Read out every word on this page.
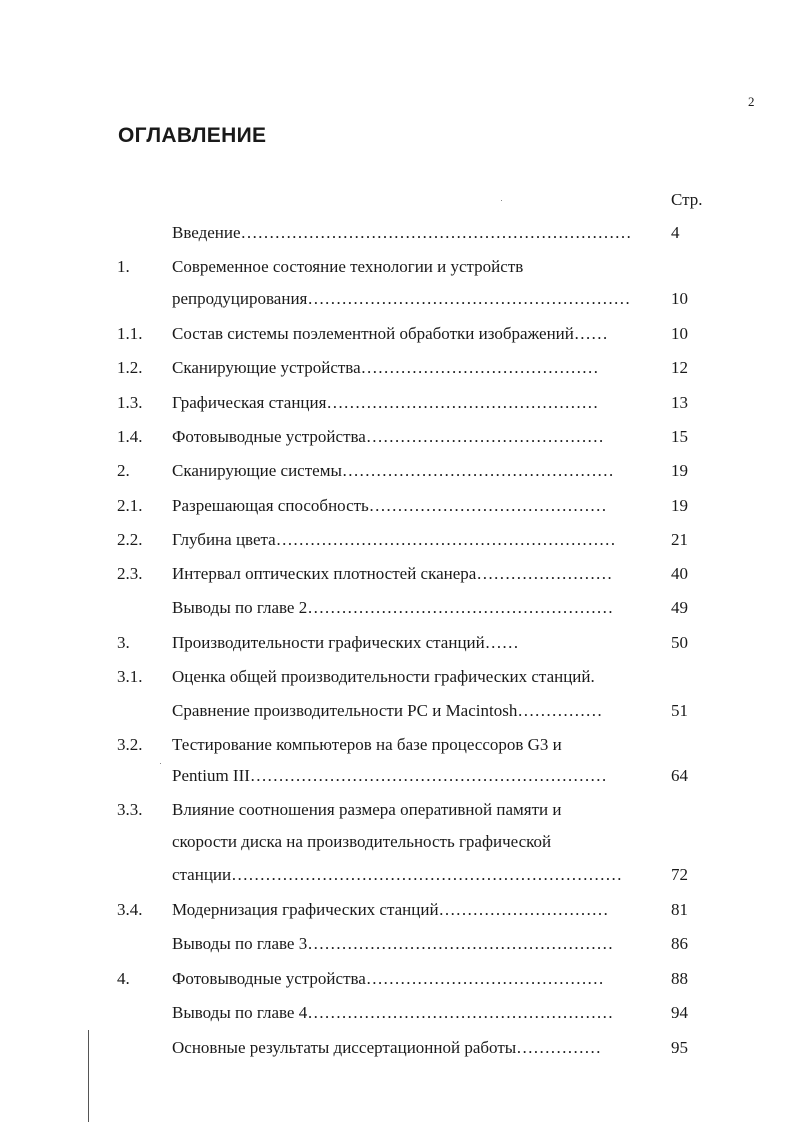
2
ОГЛАВЛЕНИЕ
Стр.
Введение…………………………………………………………… 4
1. Современное состояние технологии и устройств
репродуцирования………………………………………………… 10
1.1. Состав системы поэлементной обработки изображений……	10
1.2. Сканирующие устройства……………………………………	12
1.3. Графическая станция…………………………………………	13
1.4. Фотовыводные устройства……………………………………	15
2. Сканирующие системы…………………………………………	19
2.1. Разрешающая способность……………………………………	19
2.2. Глубина цвета……………………………………………………	21
2.3. Интервал оптических плотностей сканера……………………	40
Выводы по главе 2………………………………………………	49
3. Производительности графических станций……	50
3.1. Оценка общей производительности графических станций.
Сравнение производительности PC и Macintosh……………	51
3.2. Тестирование компьютеров на базе процессоров G3 и
Pentium III………………………………………………………	64
3.3. Влияние соотношения размера оперативной памяти и
скорости диска на производительность графической
станции……………………………………………………………	72
3.4. Модернизация графических станций…………………………	81
Выводы по главе 3………………………………………………	86
4. Фотовыводные устройства……………………………………	88
Выводы по главе 4………………………………………………	94
Основные результаты диссертационной работы……………	95
